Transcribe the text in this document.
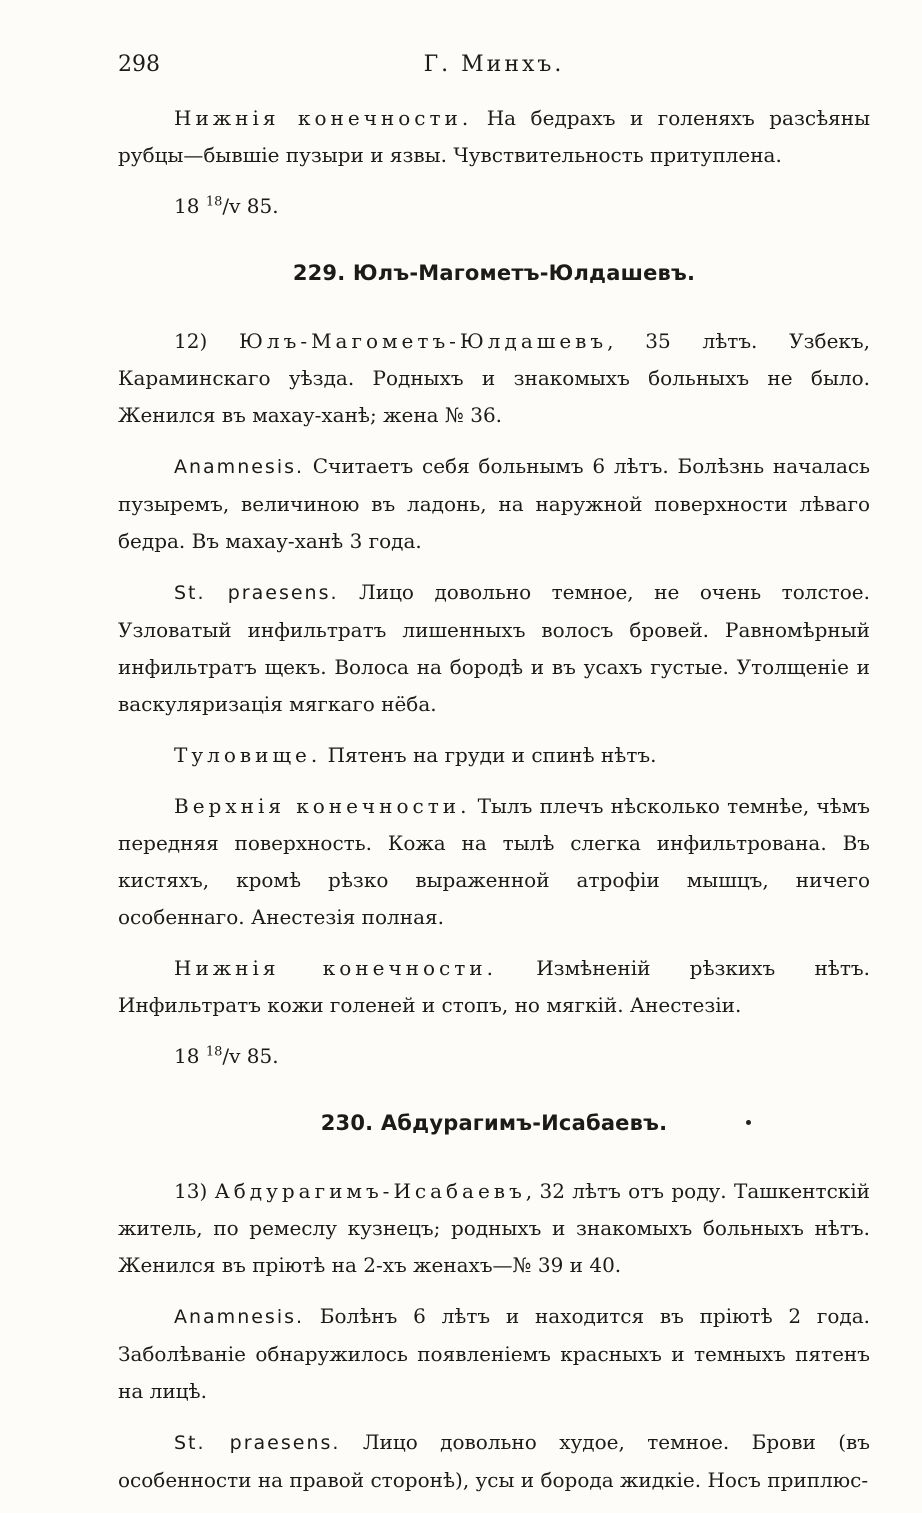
298	Г. Минхъ.

Нижнія конечности. На бедрахъ и голеняхъ разсѣяны рубцы—бывшіе пузыри и язвы. Чувствительность притуплена.

18 $^{18}$/v 85.

229. Юлъ-Магометъ-Юлдашевъ.

12) Юлъ-Магометъ-Юлдашевъ, 35 лѣтъ. Узбекъ, Караминскаго уѣзда. Родныхъ и знакомыхъ больныхъ не было. Женился въ махау-ханѣ; жена № 36.

Anamnesis. Считаетъ себя больнымъ 6 лѣтъ. Болѣзнь началась пузыремъ, величиною въ ладонь, на наружной поверхности лѣваго бедра. Въ махау-ханѣ 3 года.

St. praesens. Лицо довольно темное, не очень толстое. Узловатый инфильтратъ лишенныхъ волосъ бровей. Равномѣрный инфильтратъ щекъ. Волоса на бородѣ и въ усахъ густые. Утолщеніе и васкуляризація мягкаго нёба.

Туловище. Пятенъ на груди и спинѣ нѣтъ.

Верхнія конечности. Тылъ плечъ нѣсколько темнѣе, чѣмъ передняя поверхность. Кожа на тылѣ слегка инфильтрована. Въ кистяхъ, кромѣ рѣзко выраженной атрофіи мышцъ, ничего особеннаго. Анестезія полная.

Нижнія конечности. Измѣненій рѣзкихъ нѣтъ. Инфильтратъ кожи голеней и стопъ, но мягкій. Анестезіи.

18 $^{18}$/v 85.

230. Абдурагимъ-Исабаевъ.

13) Абдурагимъ-Исабаевъ, 32 лѣтъ отъ роду. Ташкентскій житель, по ремеслу кузнецъ; родныхъ и знакомыхъ больныхъ нѣтъ. Женился въ пріютѣ на 2-хъ женахъ—№ 39 и 40.

Anamnesis. Болѣнъ 6 лѣтъ и находится въ пріютѣ 2 года. Заболѣваніе обнаружилось появленіемъ красныхъ и темныхъ пятенъ на лицѣ.

St. praesens. Лицо довольно худое, темное. Брови (въ особенности на правой сторонѣ), усы и борода жидкіе. Носъ приплюс-
